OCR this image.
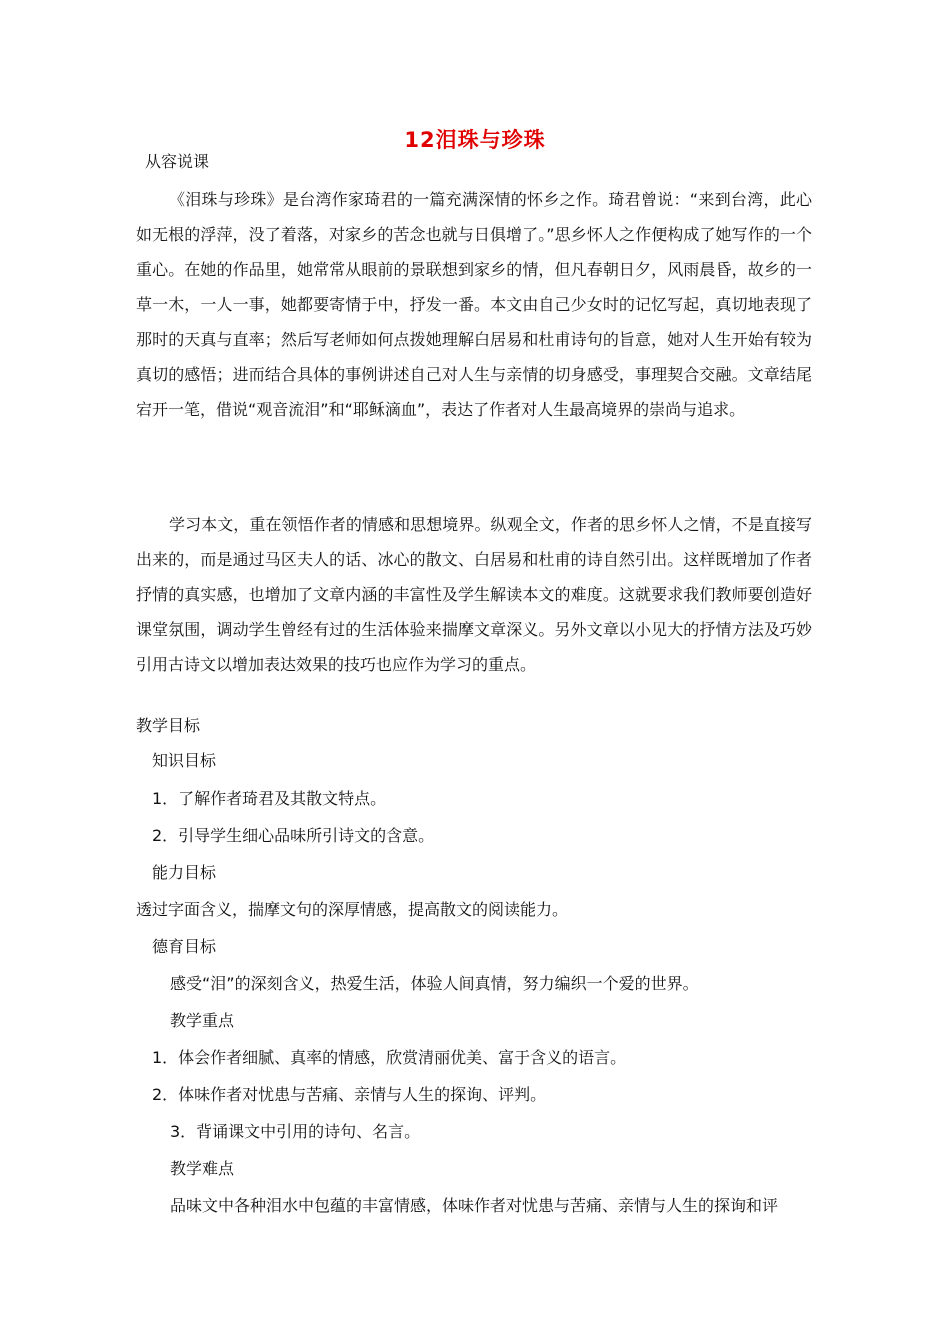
12泪珠与珍珠
从容说课
《泪珠与珍珠》是台湾作家琦君的一篇充满深情的怀乡之作。琦君曾说：“来到台湾，此心如无根的浮萍，没了着落，对家乡的苦念也就与日俱增了。”思乡怀人之作便构成了她写作的一个重心。在她的作品里，她常常从眼前的景联想到家乡的情，但凡春朝日夕，风雨晨昏，故乡的一草一木，一人一事，她都要寄情于中，抒发一番。本文由自己少女时的记忆写起，真切地表现了那时的天真与直率；然后写老师如何点拨她理解白居易和杜甫诗句的旨意，她对人生开始有较为真切的感悟；进而结合具体的事例讲述自己对人生与亲情的切身感受，事理契合交融。文章结尾宕开一笔，借说“观音流泪”和“耶稣滴血”，表达了作者对人生最高境界的崇尚与追求。
学习本文，重在领悟作者的情感和思想境界。纵观全文，作者的思乡怀人之情，不是直接写出来的，而是通过马区夫人的话、冰心的散文、白居易和杜甫的诗自然引出。这样既增加了作者抒情的真实感，也增加了文章内涵的丰富性及学生解读本文的难度。这就要求我们教师要创造好课堂氛围，调动学生曾经有过的生活体验来揣摩文章深义。另外文章以小见大的抒情方法及巧妙引用古诗文以增加表达效果的技巧也应作为学习的重点。
教学目标
知识目标
1．了解作者琦君及其散文特点。
2．引导学生细心品味所引诗文的含意。
能力目标
透过字面含义，揣摩文句的深厚情感，提高散文的阅读能力。
德育目标
感受“泪”的深刻含义，热爱生活，体验人间真情，努力编织一个爱的世界。
教学重点
1．体会作者细腻、真率的情感，欣赏清丽优美、富于含义的语言。
2．体味作者对忧患与苦痛、亲情与人生的探询、评判。
3．背诵课文中引用的诗句、名言。
教学难点
品味文中各种泪水中包蕴的丰富情感，体味作者对忧患与苦痛、亲情与人生的探询和评
